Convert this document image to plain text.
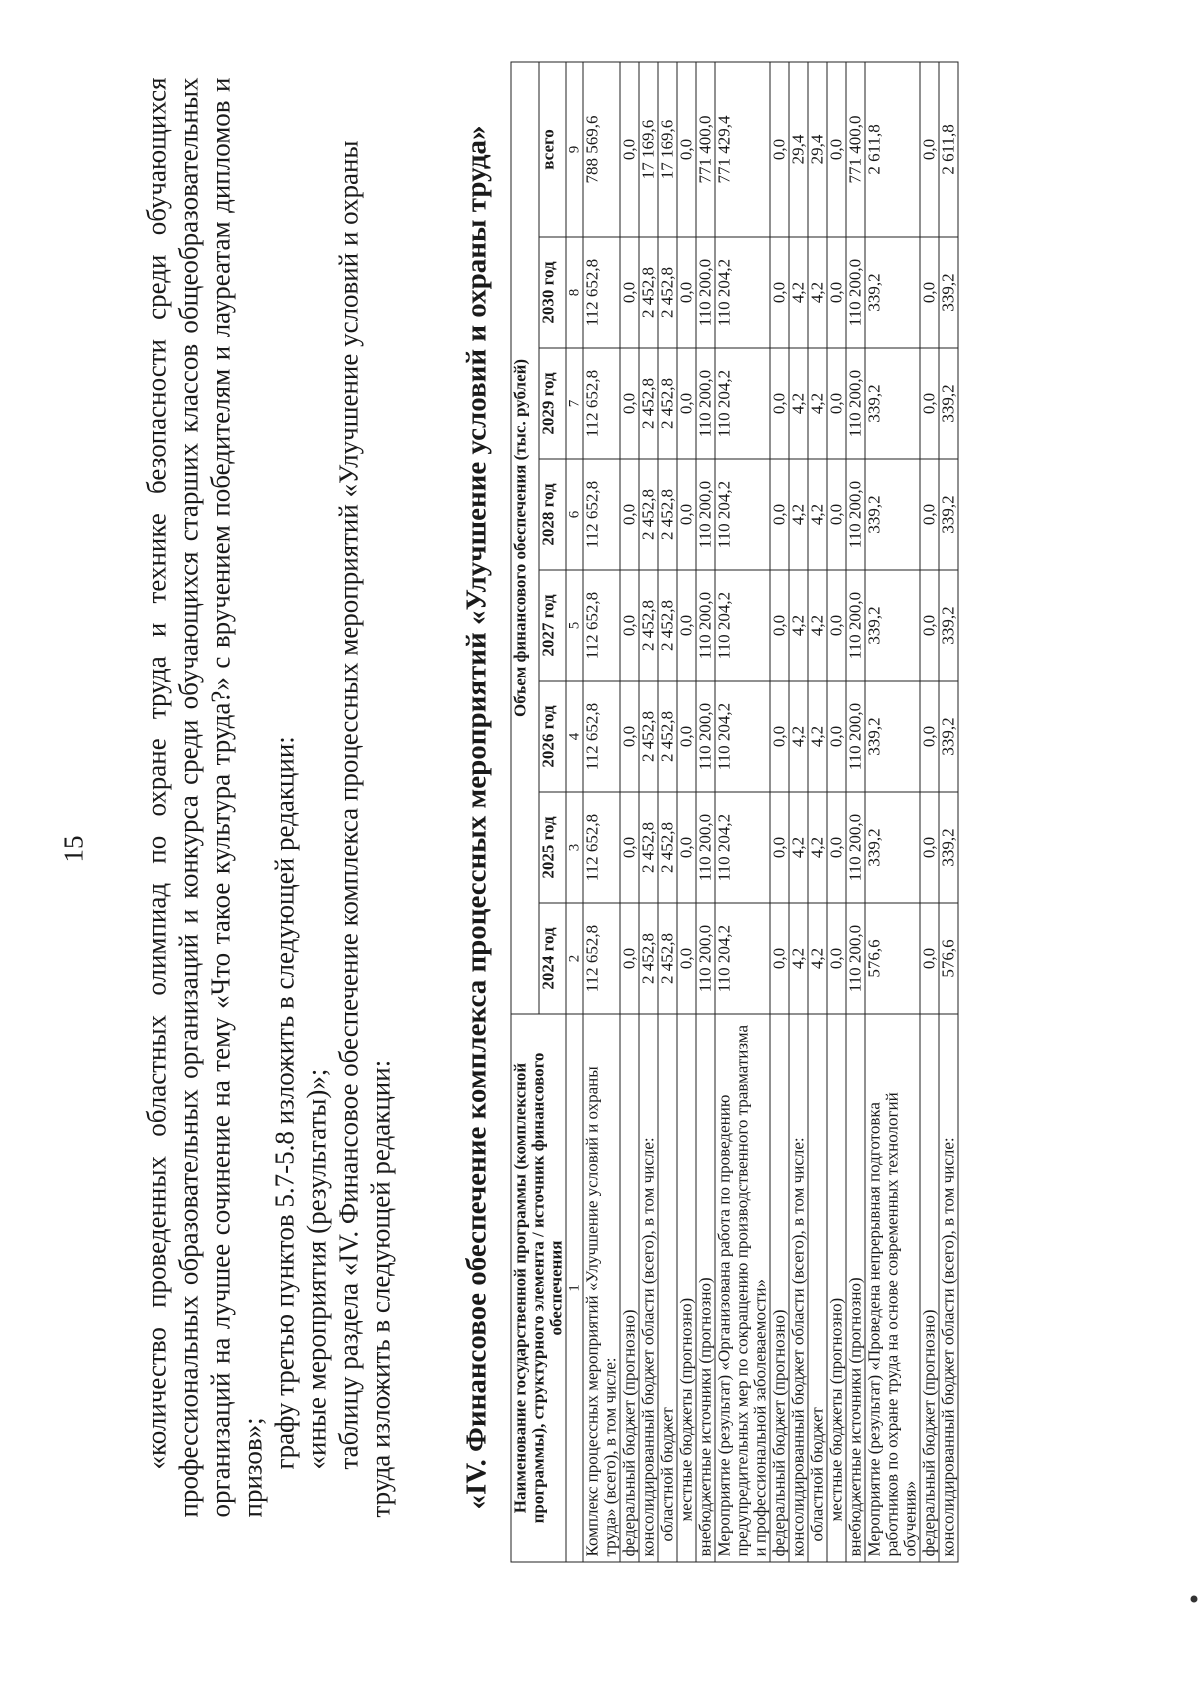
15 «количество проведенных областных олимпиад по охране труда и технике безопасности среди обучающихся профессиональных образовательных организаций и конкурса среди обучающихся старших классов общеобразовательных организаций на лучшее сочинение на тему «Что такое культура труда?» с вручением победителям и лауреатам дипломов и призов»; графу третью пунктов 5.7-5.8 изложить в следующей редакции: «иные мероприятия (результаты)»; таблицу раздела «IV. Финансовое обеспечение комплекса процессных мероприятий «Улучшение условий и охраны труда изложить в следующей редакции: «IV. Финансовое обеспечение комплекса процессных мероприятий «Улучшение условий и охраны труда» Наименование государственной программы (комплексной программы), структурного элемента / источник финансового обеспечения	Объем финансового обеспечения (тыс. рублей)							
	2024 год	2025 год	2026 год	2027 год	2028 год	2029 год	2030 год	всего
1	2	3	4	5	6	7	8	9
Комплекс процессных мероприятий «Улучшение условий и охраны труда» (всего), в том числе:	112 652,8	112 652,8	112 652,8	112 652,8	112 652,8	112 652,8	112 652,8	788 569,6
федеральный бюджет (прогнозно)	0,0	0,0	0,0	0,0	0,0	0,0	0,0	0,0
консолидированный бюджет области (всего), в том числе:	2 452,8	2 452,8	2 452,8	2 452,8	2 452,8	2 452,8	2 452,8	17 169,6
областной бюджет	2 452,8	2 452,8	2 452,8	2 452,8	2 452,8	2 452,8	2 452,8	17 169,6
местные бюджеты (прогнозно)	0,0	0,0	0,0	0,0	0,0	0,0	0,0	0,0
внебюджетные источники (прогнозно)	110 200,0	110 200,0	110 200,0	110 200,0	110 200,0	110 200,0	110 200,0	771 400,0
Мероприятие (результат) «Организована работа по проведению предупредительных мер по сокращению производственного травматизма и профессиональной заболеваемости»	110 204,2	110 204,2	110 204,2	110 204,2	110 204,2	110 204,2	110 204,2	771 429,4
федеральный бюджет (прогнозно)	0,0	0,0	0,0	0,0	0,0	0,0	0,0	0,0
консолидированный бюджет области (всего), в том числе:	4,2	4,2	4,2	4,2	4,2	4,2	4,2	29,4
областной бюджет	4,2	4,2	4,2	4,2	4,2	4,2	4,2	29,4
местные бюджеты (прогнозно)	0,0	0,0	0,0	0,0	0,0	0,0	0,0	0,0
внебюджетные источники (прогнозно)	110 200,0	110 200,0	110 200,0	110 200,0	110 200,0	110 200,0	110 200,0	771 400,0
Мероприятие (результат) «Проведена непрерывная подготовка работников по охране труда на основе современных технологий обучения»	576,6	339,2	339,2	339,2	339,2	339,2	339,2	2 611,8
федеральный бюджет (прогнозно)	0,0	0,0	0,0	0,0	0,0	0,0	0,0	0,0
консолидированный бюджет области (всего), в том числе:	576,6	339,2	339,2	339,2	339,2	339,2	339,2	2 611,8
